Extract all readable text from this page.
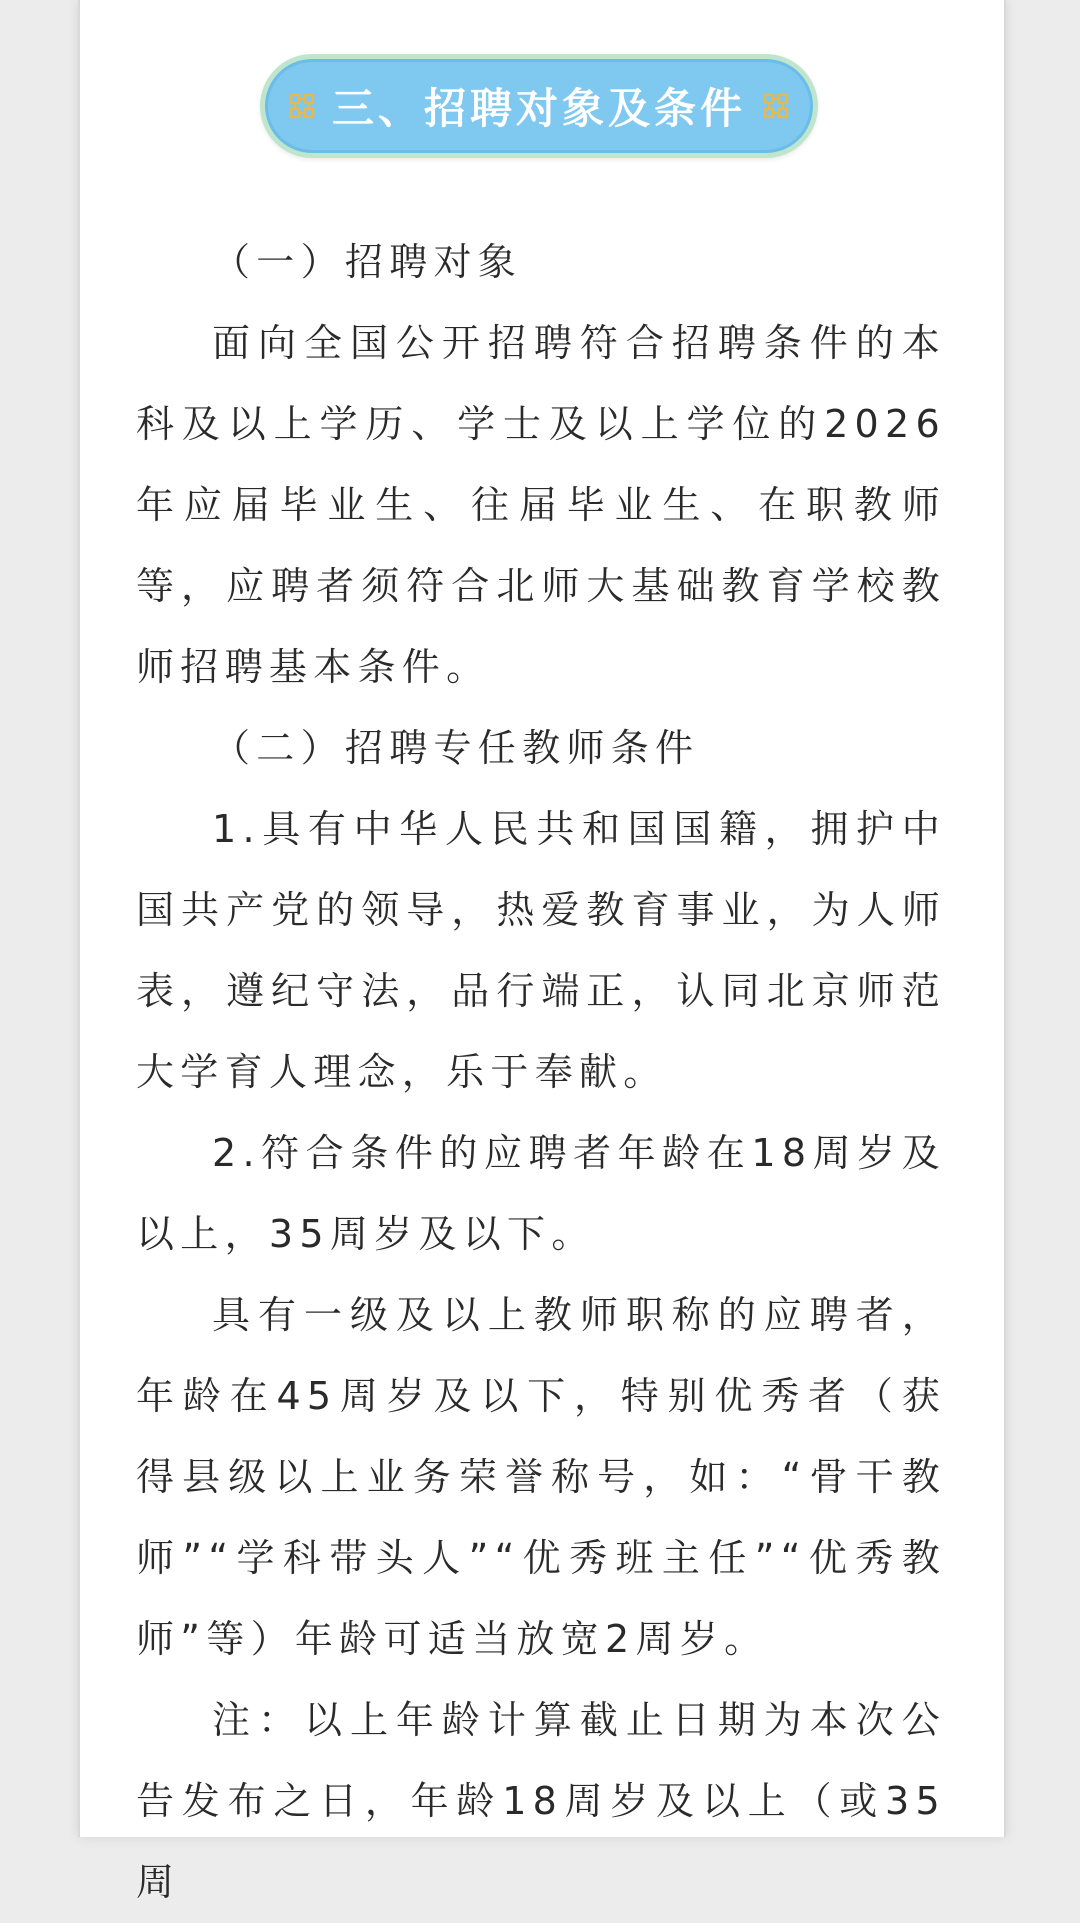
三、招聘对象及条件

（一）招聘对象

面向全国公开招聘符合招聘条件的本科及以上学历、学士及以上学位的2026年应届毕业生、往届毕业生、在职教师等，应聘者须符合北师大基础教育学校教师招聘基本条件。

（二）招聘专任教师条件

1.具有中华人民共和国国籍，拥护中国共产党的领导，热爱教育事业，为人师表，遵纪守法，品行端正，认同北京师范大学育人理念，乐于奉献。

2.符合条件的应聘者年龄在18周岁及以上，35周岁及以下。

具有一级及以上教师职称的应聘者，年龄在45周岁及以下，特别优秀者（获得县级以上业务荣誉称号，如：“骨干教师”“学科带头人”“优秀班主任”“优秀教师”等）年龄可适当放宽2周岁。

注：以上年龄计算截止日期为本次公告发布之日，年龄18周岁及以上（或35周
